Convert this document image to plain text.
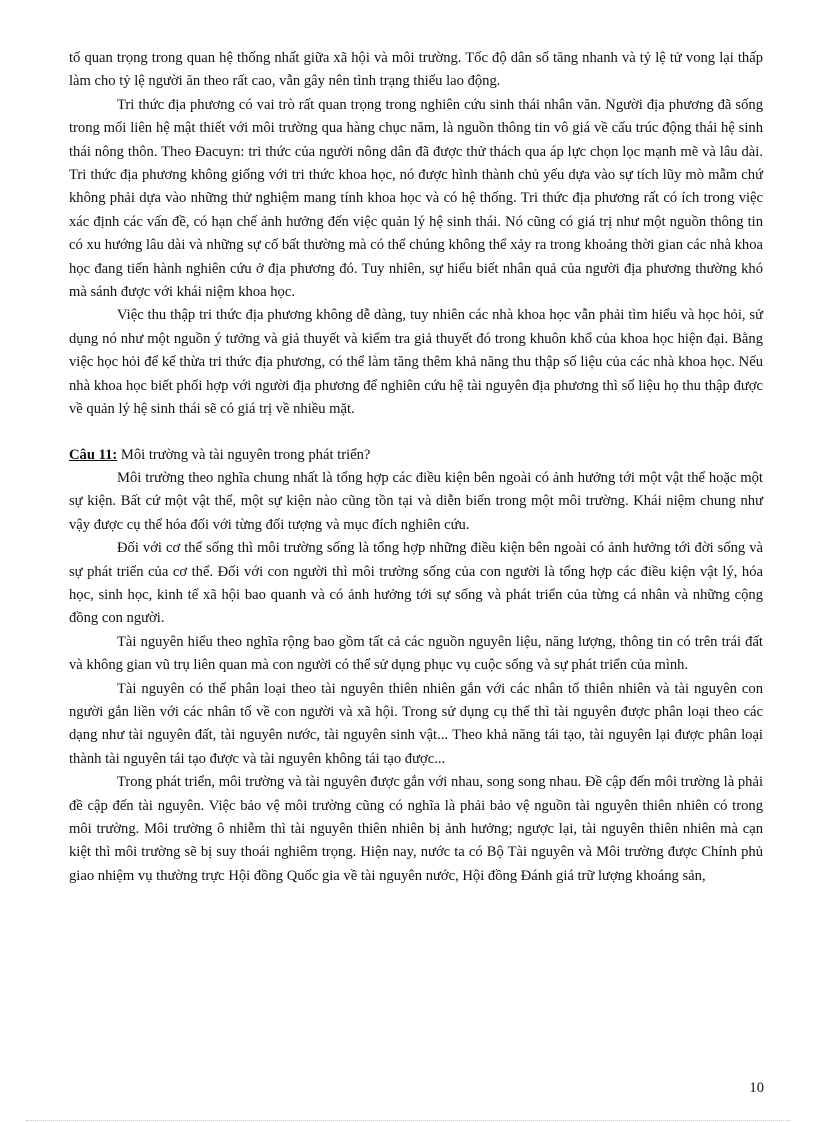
tố quan trọng trong quan hệ thống nhất giữa xã hội và môi trường. Tốc độ dân số tăng nhanh và tỷ lệ tử vong lại thấp làm cho tỷ lệ người ăn theo rất cao, vẫn gây nên tình trạng thiếu lao động.

Tri thức địa phương có vai trò rất quan trọng trong nghiên cứu sinh thái nhân văn. Người địa phương đã sống trong mối liên hệ mật thiết với môi trường qua hàng chục năm, là nguồn thông tin vô giá về cấu trúc động thái hệ sinh thái nông thôn. Theo Đacuyn: tri thức của người nông dân đã được thử thách qua áp lực chọn lọc mạnh mẽ và lâu dài. Tri thức địa phương không giống với tri thức khoa học, nó được hình thành chủ yếu dựa vào sự tích lũy mò mẫm chứ không phải dựa vào những thử nghiệm mang tính khoa học và có hệ thống. Tri thức địa phương rất có ích trong việc xác định các vấn đề, có hạn chế ảnh hưởng đến việc quản lý hệ sinh thái. Nó cũng có giá trị như một nguồn thông tin có xu hướng lâu dài và những sự cố bất thường mà có thể chúng không thể xảy ra trong khoảng thời gian các nhà khoa học đang tiến hành nghiên cứu ở địa phương đó. Tuy nhiên, sự hiểu biết nhân quả của người địa phương thường khó mà sánh được với khái niệm khoa học.

Việc thu thập tri thức địa phương không dễ dàng, tuy nhiên các nhà khoa học vẫn phải tìm hiểu và học hỏi, sử dụng nó như một nguồn ý tưởng và giả thuyết và kiểm tra giả thuyết đó trong khuôn khổ của khoa học hiện đại. Bằng việc học hỏi để kế thừa tri thức địa phương, có thể làm tăng thêm khả năng thu thập số liệu của các nhà khoa học. Nếu nhà khoa học biết phối hợp với người địa phương để nghiên cứu hệ tài nguyên địa phương thì số liệu họ thu thập được về quản lý hệ sinh thái sẽ có giá trị về nhiều mặt.

Câu 11: Môi trường và tài nguyên trong phát triển?

Môi trường theo nghĩa chung nhất là tổng hợp các điều kiện bên ngoài có ảnh hưởng tới một vật thể hoặc một sự kiện. Bất cứ một vật thể, một sự kiện nào cũng tồn tại và diễn biến trong một môi trường. Khái niệm chung như vậy được cụ thể hóa đối với từng đối tượng và mục đích nghiên cứu.

Đối với cơ thể sống thì môi trường sống là tổng hợp những điều kiện bên ngoài có ảnh hưởng tới đời sống và sự phát triển của cơ thể. Đối với con người thì môi trường sống của con người là tổng hợp các điều kiện vật lý, hóa học, sinh học, kinh tế xã hội bao quanh và có ảnh hưởng tới sự sống và phát triển của từng cá nhân và những cộng đồng con người.

Tài nguyên hiểu theo nghĩa rộng bao gồm tất cả các nguồn nguyên liệu, năng lượng, thông tin có trên trái đất và không gian vũ trụ liên quan mà con người có thể sử dụng phục vụ cuộc sống và sự phát triển của mình.

Tài nguyên có thể phân loại theo tài nguyên thiên nhiên gắn với các nhân tố thiên nhiên và tài nguyên con người gắn liền với các nhân tố về con người và xã hội. Trong sử dụng cụ thể thì tài nguyên được phân loại theo các dạng như tài nguyên đất, tài nguyên nước, tài nguyên sinh vật... Theo khả năng tái tạo, tài nguyên lại được phân loại thành tài nguyên tái tạo được và tài nguyên không tái tạo được...

Trong phát triển, môi trường và tài nguyên được gắn với nhau, song song nhau. Đề cập đến môi trường là phải đề cập đến tài nguyên. Việc bảo vệ môi trường cũng có nghĩa là phải bảo vệ nguồn tài nguyên thiên nhiên có trong môi trường. Môi trường ô nhiễm thì tài nguyên thiên nhiên bị ảnh hưởng; ngược lại, tài nguyên thiên nhiên mà cạn kiệt thì môi trường sẽ bị suy thoái nghiêm trọng. Hiện nay, nước ta có Bộ Tài nguyên và Môi trường được Chính phủ giao nhiệm vụ thường trực Hội đồng Quốc gia về tài nguyên nước, Hội đồng Đánh giá trữ lượng khoáng sản,

10
